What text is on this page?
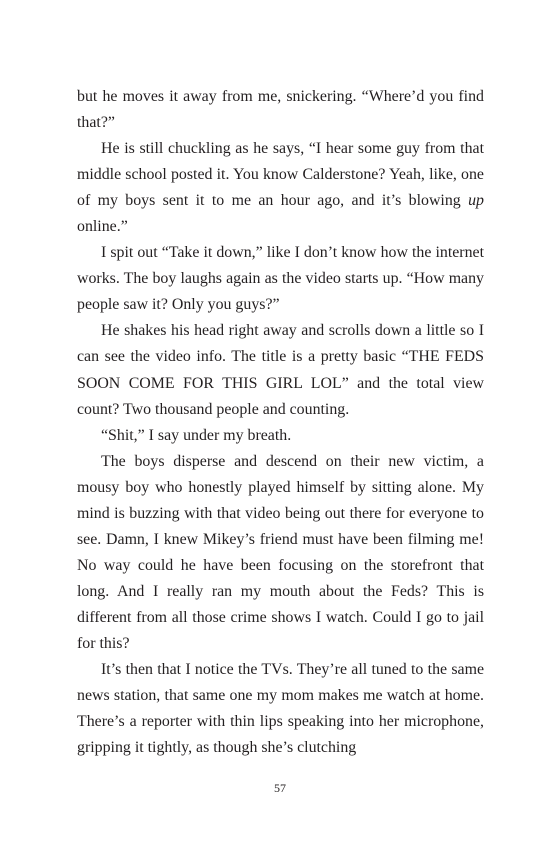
but he moves it away from me, snickering. “Where’d you find that?”

He is still chuckling as he says, “I hear some guy from that middle school posted it. You know Calderstone? Yeah, like, one of my boys sent it to me an hour ago, and it’s blowing up online.”

I spit out “Take it down,” like I don’t know how the internet works. The boy laughs again as the video starts up. “How many people saw it? Only you guys?”

He shakes his head right away and scrolls down a little so I can see the video info. The title is a pretty basic “THE FEDS SOON COME FOR THIS GIRL LOL” and the total view count? Two thousand people and counting.

“Shit,” I say under my breath.

The boys disperse and descend on their new victim, a mousy boy who honestly played himself by sitting alone. My mind is buzzing with that video being out there for everyone to see. Damn, I knew Mikey’s friend must have been filming me! No way could he have been focusing on the storefront that long. And I really ran my mouth about the Feds? This is different from all those crime shows I watch. Could I go to jail for this?

It’s then that I notice the TVs. They’re all tuned to the same news station, that same one my mom makes me watch at home. There’s a reporter with thin lips speaking into her microphone, gripping it tightly, as though she’s clutching

57
